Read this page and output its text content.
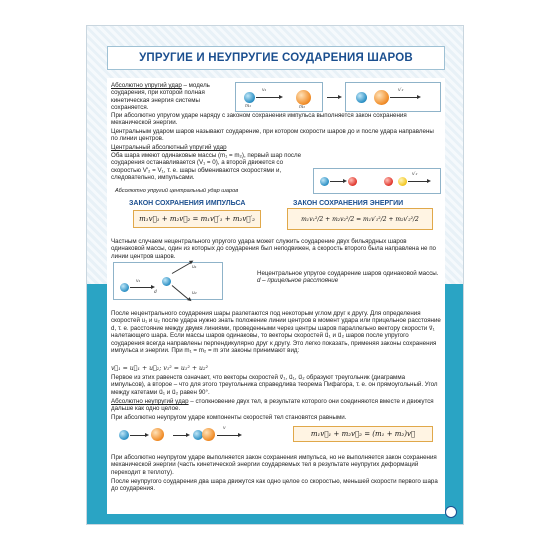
УПРУГИЕ И НЕУПРУГИЕ СОУДАРЕНИЯ ШАРОВ
Абсолютно упругий удар – модель соударения, при которой полная кинетическая энергия системы сохраняется.
v₁
m₁	m₂
v′₂
При абсолютно упругом ударе наряду с законом сохранения импульса выполняется закон сохранения механической энергии.
Центральным ударом шаров называют соударение, при котором скорости шаров до и после удара направлены по линии центров.
Центральный абсолютный упругий удар
Оба шара имеют одинаковые массы (m₁ = m₂), первый шар после соударения останавливается (V₁ = 0), а второй движется со скоростью V′₂ = V₁, т. е. шары обмениваются скоростями и, следовательно, импульсами.	v′₂
Абсолютно упругий центральный удар шаров
ЗАКОН СОХРАНЕНИЯ ИМПУЛЬСА
m₁v⃗₁ + m₂v⃗₂ = m₁v⃗′₁ + m₂v⃗′₂
ЗАКОН СОХРАНЕНИЯ ЭНЕРГИИ
m₁v₁²/2 + m₂v₂²/2 = m₁v′₁²/2 + m₂v′₂²/2
Частным случаем нецентрального упругого удара может служить соударение двух бильярдных шаров одинаковой массы, один из которых до соударения был неподвижен, а скорость второго была направлена не по линии центров шаров.
v₁
u₁
u₂
d
Нецентральное упругое соударение шаров одинаковой массы. d – прицельное расстояние
После нецентрального соударения шары разлетаются под некоторым углом друг к другу. Для определения скоростей u₁ и u₂ после удара нужно знать положение линии центров в момент удара или прицельное расстояние d, т. е. расстояние между двумя линиями, проведенными через центры шаров параллельно вектору скорости v⃗₁ налетающего шара. Если массы шаров одинаковы, то векторы скоростей u⃗₁ и u⃗₂ шаров после упругого соударения всегда направлены перпендикулярно друг к другу. Это легко показать, применяя законы сохранения импульса и энергии. При m₁ = m₂ = m эти законы принимают вид:
v⃗₁ = u⃗₁ + u⃗₂; v₁² = u₁² + u₂²
Первое из этих равенств означает, что векторы скоростей v⃗₁, u⃗₁, u⃗₂ образуют треугольник (диаграмма импульсов), а второе – что для этого треугольника справедлива теорема Пифагора, т. е. он прямоугольный. Угол между катетами u⃗₁ и u⃗₂ равен 90°.
Абсолютно неупругий удар – столкновение двух тел, в результате которого они соединяются вместе и движутся дальше как одно целое.
При абсолютно неупругом ударе компоненты скоростей тел становятся равными.
v
m₁v⃗₁ + m₂v⃗₂ = (m₁ + m₂)v⃗
При абсолютно неупругом ударе выполняется закон сохранения импульса, но не выполняется закон сохранения механической энергии (часть кинетической энергии соударяемых тел в результате неупругих деформаций переходит в теплоту).
После неупругого соударения два шара движутся как одно целое со скоростью, меньшей скорости первого шара до соударения.
